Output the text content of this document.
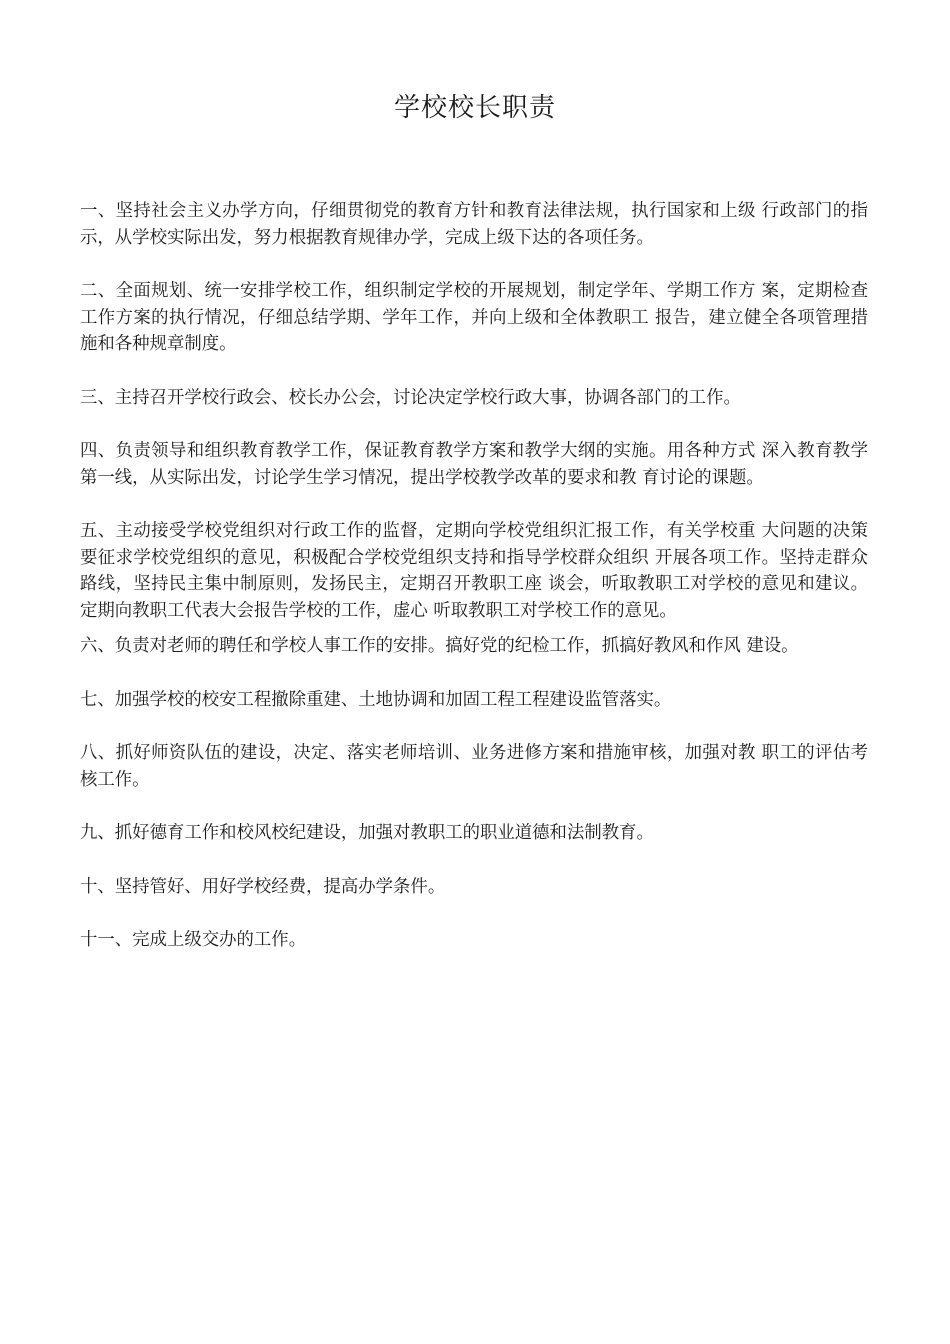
学校校长职责
一、坚持社会主义办学方向，仔细贯彻党的教育方针和教育法律法规，执行国家和上级 行政部门的指示，从学校实际出发，努力根据教育规律办学，完成上级下达的各项任务。
二、全面规划、统一安排学校工作，组织制定学校的开展规划，制定学年、学期工作方 案，定期检查工作方案的执行情况，仔细总结学期、学年工作，并向上级和全体教职工 报告，建立健全各项管理措施和各种规章制度。
三、主持召开学校行政会、校长办公会，讨论决定学校行政大事，协调各部门的工作。
四、负责领导和组织教育教学工作，保证教育教学方案和教学大纲的实施。用各种方式 深入教育教学第一线，从实际出发，讨论学生学习情况，提出学校教学改革的要求和教 育讨论的课题。
五、主动接受学校党组织对行政工作的监督，定期向学校党组织汇报工作，有关学校重 大问题的决策要征求学校党组织的意见，积极配合学校党组织支持和指导学校群众组织 开展各项工作。坚持走群众路线，坚持民主集中制原则，发扬民主，定期召开教职工座 谈会，听取教职工对学校的意见和建议。定期向教职工代表大会报告学校的工作，虚心 听取教职工对学校工作的意见。
六、负责对老师的聘任和学校人事工作的安排。搞好党的纪检工作，抓搞好教风和作风 建设。
七、加强学校的校安工程撤除重建、土地协调和加固工程工程建设监管落实。
八、抓好师资队伍的建设，决定、落实老师培训、业务进修方案和措施审核，加强对教 职工的评估考核工作。
九、抓好德育工作和校风校纪建设，加强对教职工的职业道德和法制教育。
十、坚持管好、用好学校经费，提高办学条件。
十一、完成上级交办的工作。
